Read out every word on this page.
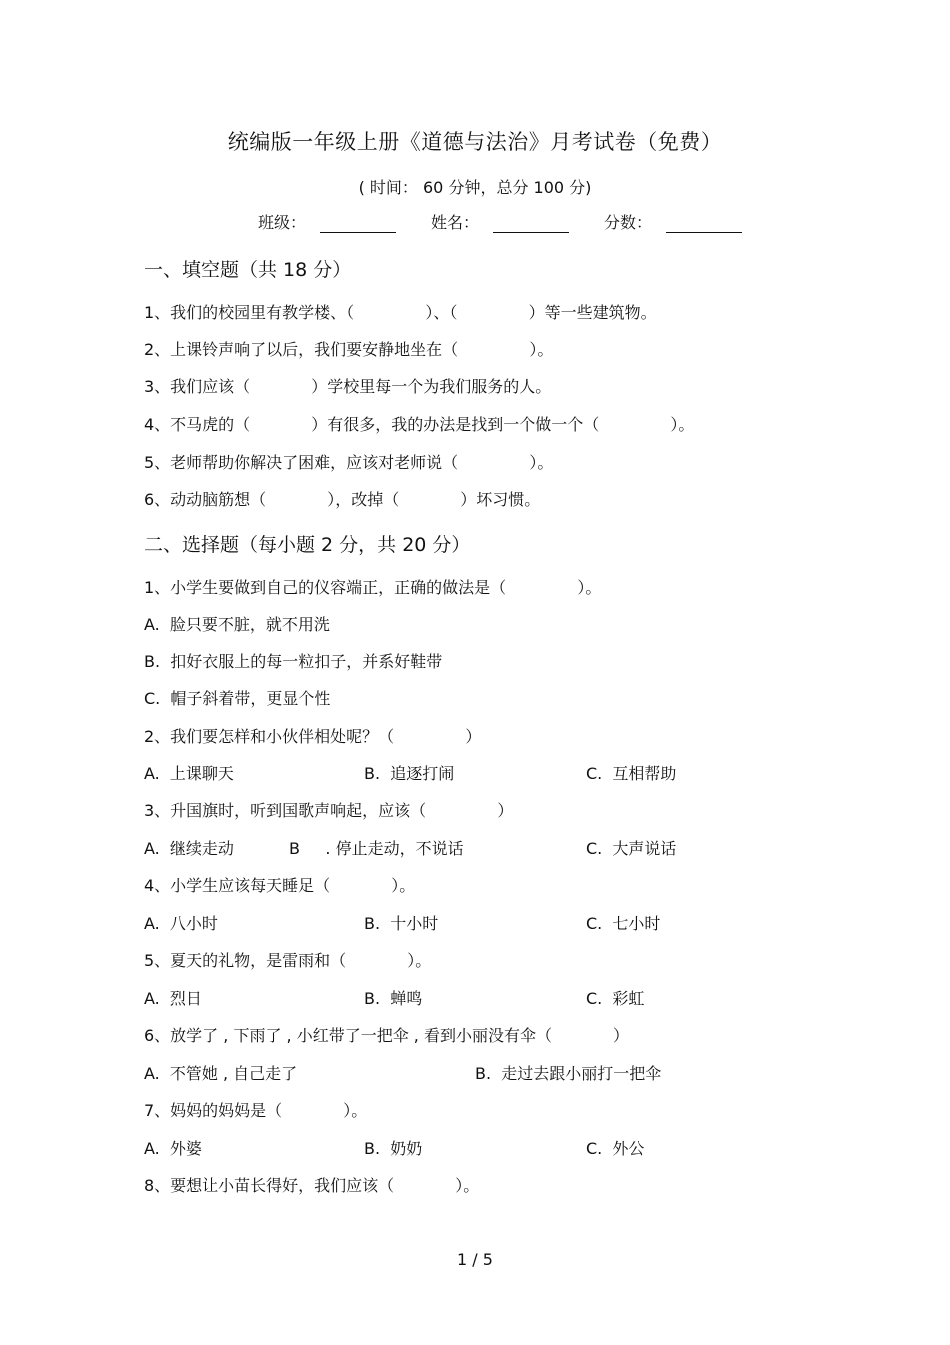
统编版一年级上册《道德与法治》月考试卷（免费）
( 时间： 60 分钟，总分 100 分)
班级：	姓名：	分数：
一、填空题（共 18 分）
1、我们的校园里有教学楼、（              ）、（              ）等一些建筑物。
2、上课铃声响了以后，我们要安静地坐在（              ）。
3、我们应该（            ）学校里每一个为我们服务的人。
4、不马虎的（            ）有很多，我的办法是找到一个做一个（              ）。
5、老师帮助你解决了困难，应该对老师说（              ）。
6、动动脑筋想（            ），改掉（            ）坏习惯。
二、选择题（每小题 2 分，共 20 分）
1、小学生要做到自己的仪容端正，正确的做法是（              ）。
A.  脸只要不脏，就不用洗
B.  扣好衣服上的每一粒扣子，并系好鞋带
C.  帽子斜着带，更显个性
2、我们要怎样和小伙伴相处呢？（              ）
A.  上课聊天	B.  追逐打闹	C.  互相帮助
3、升国旗时，听到国歌声响起，应该（              ）
A.  继续走动	B     . 停止走动，不说话	C.  大声说话
4、小学生应该每天睡足（            ）。
A.  八小时	B.  十小时	C.  七小时
5、夏天的礼物，是雷雨和（            ）。
A.  烈日	B.  蝉鸣	C.  彩虹
6、放学了 , 下雨了 , 小红带了一把伞 , 看到小丽没有伞（            ）
A.  不管她 , 自己走了	B.  走过去跟小丽打一把伞
7、妈妈的妈妈是（            ）。
A.  外婆	B.  奶奶	C.  外公
8、要想让小苗长得好，我们应该（            ）。
1 / 5
